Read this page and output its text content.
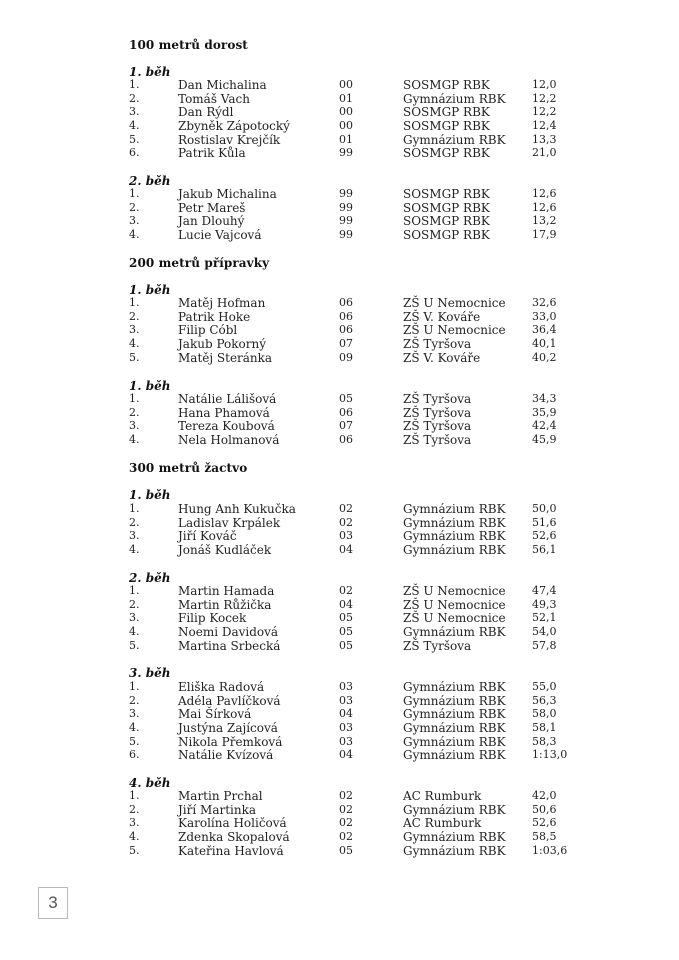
100 metrů dorost
1. běh
1.	Dan Michalina	00	SOSMGP RBK	12,0
2.	Tomáš Vach	01	Gymnázium RBK 12,2
3.	Dan Rýdl	00	SOSMGP RBK	12,2
4.	Zbyněk Zápotocký	00	SOSMGP RBK	12,4
5.	Rostislav Krejčík	01	Gymnázium RBK 13,3
6.	Patrik Kůla	99	SOSMGP RBK	21,0
2. běh
1.	Jakub Michalina	99	SOSMGP RBK	12,6
2.	Petr Mareš	99	SOSMGP RBK	12,6
3.	Jan Dlouhý	99	SOSMGP RBK	13,2
4.	Lucie Vajcová	99	SOSMGP RBK	17,9
200 metrů přípravky
1. běh
1.	Matěj Hofman	06	ZŠ U Nemocnice 32,6
2.	Patrik Hoke	06	ZŠ V. Kováře	33,0
3.	Filip Cóbl	06	ZŠ U Nemocnice 36,4
4.	Jakub Pokorný	07	ZŠ Tyršova	40,1
5.	Matěj Steránka	09	ZŠ V. Kováře	40,2
1. běh
1.	Natálie Lálišová	05	ZŠ Tyršova	34,3
2.	Hana Phamová	06	ZŠ Tyršova	35,9
3.	Tereza Koubová	07	ZŠ Tyršova	42,4
4.	Nela Holmanová	06	ZŠ Tyršova	45,9
300 metrů žactvo
1. běh
1.	Hung Anh Kukučka	02	Gymnázium RBK 50,0
2.	Ladislav Krpálek	02	Gymnázium RBK 51,6
3.	Jiří Kováč	03	Gymnázium RBK 52,6
4.	Jonáš Kudláček	04	Gymnázium RBK 56,1
2. běh
1.	Martin Hamada	02	ZŠ U Nemocnice 47,4
2.	Martin Růžička	04	ZŠ U Nemocnice 49,3
3.	Filip Kocek	05	ZŠ U Nemocnice 52,1
4.	Noemi Davidová	05	Gymnázium RBK 54,0
5.	Martina Srbecká	05	ZŠ Tyršova	57,8
3. běh
1.	Eliška Radová	03	Gymnázium RBK 55,0
2.	Adéla Pavlíčková	03	Gymnázium RBK 56,3
3.	Mai Šírková	04	Gymnázium RBK 58,0
4.	Justýna Zajícová	03	Gymnázium RBK 58,1
5.	Nikola Přemková	03	Gymnázium RBK 58,3
6.	Natálie Kvízová	04	Gymnázium RBK 1:13,0
4. běh
1.	Martin Prchal	02	AC Rumburk	42,0
2.	Jiří Martinka	02	Gymnázium RBK 50,6
3.	Karolína Holičová	02	AC Rumburk	52,6
4.	Zdenka Skopalová	02	Gymnázium RBK 58,5
5.	Kateřina Havlová	05	Gymnázium RBK 1:03,6
3
